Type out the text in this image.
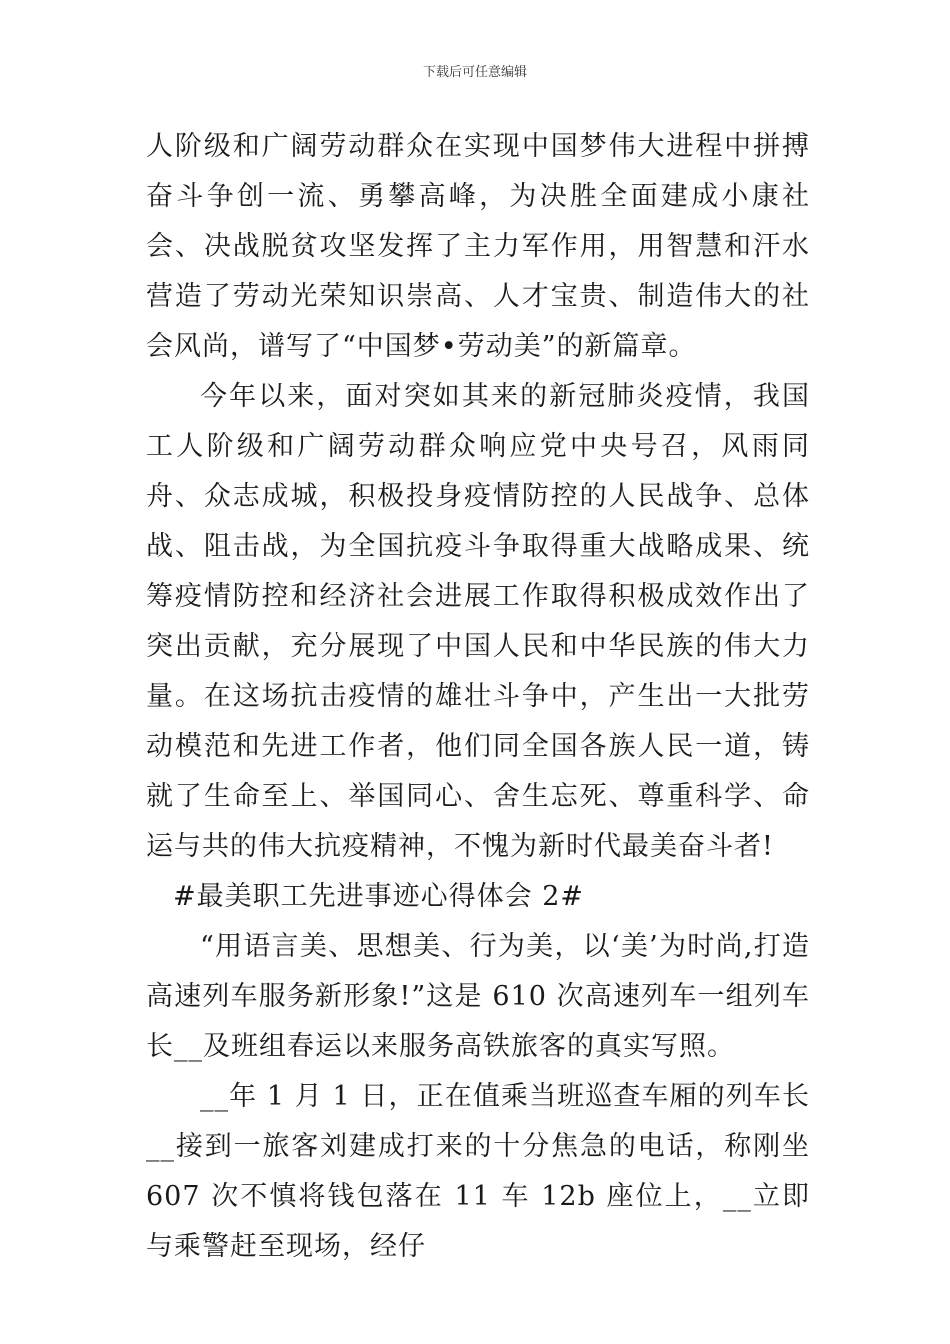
下载后可任意编辑

人阶级和广阔劳动群众在实现中国梦伟大进程中拼搏奋斗争创一流、勇攀高峰，为决胜全面建成小康社会、决战脱贫攻坚发挥了主力军作用，用智慧和汗水营造了劳动光荣知识崇高、人才宝贵、制造伟大的社会风尚，谱写了“中国梦•劳动美”的新篇章。

今年以来，面对突如其来的新冠肺炎疫情，我国工人阶级和广阔劳动群众响应党中央号召，风雨同舟、众志成城，积极投身疫情防控的人民战争、总体战、阻击战，为全国抗疫斗争取得重大战略成果、统筹疫情防控和经济社会进展工作取得积极成效作出了突出贡献，充分展现了中国人民和中华民族的伟大力量。在这场抗击疫情的雄壮斗争中，产生出一大批劳动模范和先进工作者，他们同全国各族人民一道，铸就了生命至上、举国同心、舍生忘死、尊重科学、命运与共的伟大抗疫精神，不愧为新时代最美奋斗者!

#最美职工先进事迹心得体会 2#

“用语言美、思想美、行为美，以‘美’为时尚,打造高速列车服务新形象!”这是 610 次高速列车一组列车长__及班组春运以来服务高铁旅客的真实写照。

__年 1 月 1 日，正在值乘当班巡查车厢的列车长__接到一旅客刘建成打来的十分焦急的电话，称刚坐 607 次不慎将钱包落在 11 车 12b 座位上，__立即与乘警赶至现场，经仔
